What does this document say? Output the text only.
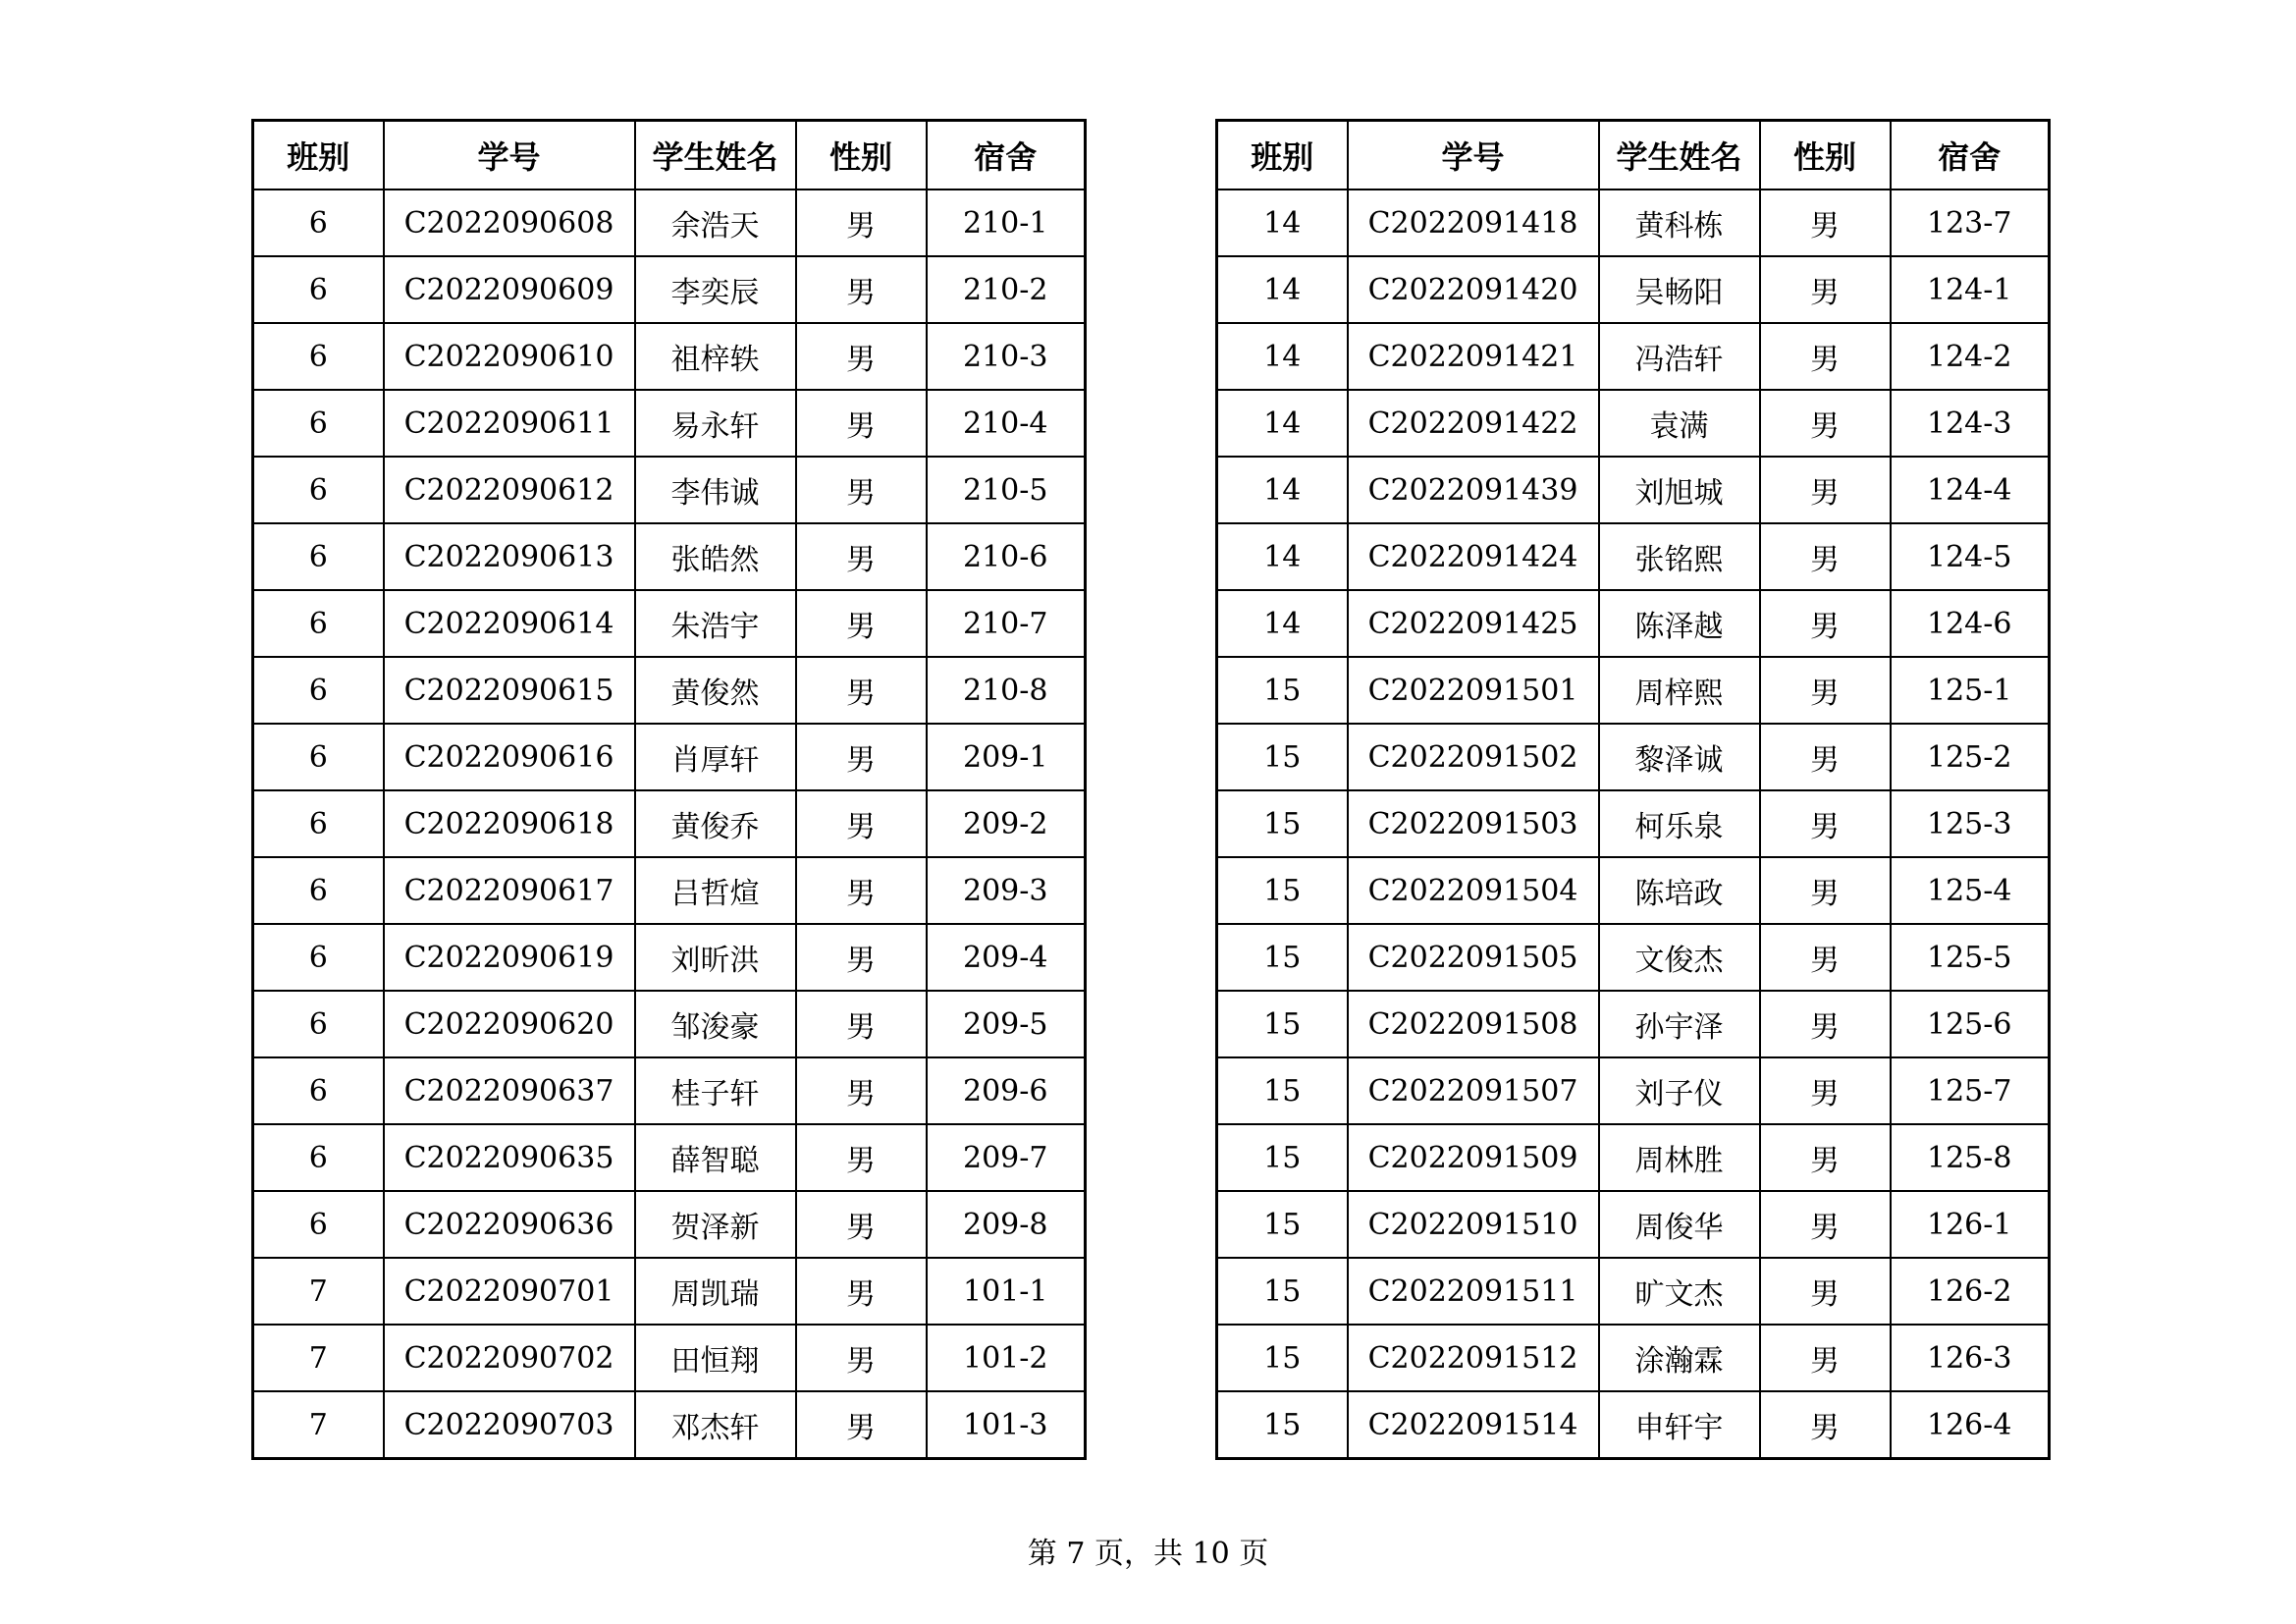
班别	学号	学生姓名	性别	宿舍
6	C2022090608	余浩天	男	210-1
6	C2022090609	李奕辰	男	210-2
6	C2022090610	祖梓轶	男	210-3
6	C2022090611	易永轩	男	210-4
6	C2022090612	李伟诚	男	210-5
6	C2022090613	张皓然	男	210-6
6	C2022090614	朱浩宇	男	210-7
6	C2022090615	黄俊然	男	210-8
6	C2022090616	肖厚轩	男	209-1
6	C2022090618	黄俊乔	男	209-2
6	C2022090617	吕哲煊	男	209-3
6	C2022090619	刘昕洪	男	209-4
6	C2022090620	邹浚豪	男	209-5
6	C2022090637	桂子轩	男	209-6
6	C2022090635	薛智聪	男	209-7
6	C2022090636	贺泽新	男	209-8
7	C2022090701	周凯瑞	男	101-1
7	C2022090702	田恒翔	男	101-2
7	C2022090703	邓杰轩	男	101-3
班别	学号	学生姓名	性别	宿舍
14	C2022091418	黄科栋	男	123-7
14	C2022091420	吴畅阳	男	124-1
14	C2022091421	冯浩轩	男	124-2
14	C2022091422	袁满	男	124-3
14	C2022091439	刘旭城	男	124-4
14	C2022091424	张铭熙	男	124-5
14	C2022091425	陈泽越	男	124-6
15	C2022091501	周梓熙	男	125-1
15	C2022091502	黎泽诚	男	125-2
15	C2022091503	柯乐泉	男	125-3
15	C2022091504	陈培政	男	125-4
15	C2022091505	文俊杰	男	125-5
15	C2022091508	孙宇泽	男	125-6
15	C2022091507	刘子仪	男	125-7
15	C2022091509	周林胜	男	125-8
15	C2022091510	周俊华	男	126-1
15	C2022091511	旷文杰	男	126-2
15	C2022091512	涂瀚霖	男	126-3
15	C2022091514	申轩宇	男	126-4
第 7 页，共 10 页
